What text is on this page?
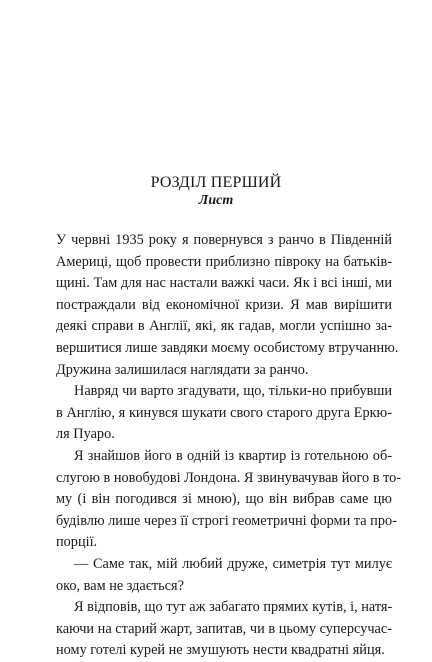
РОЗДІЛ ПЕРШИЙ
Лист
У червні 1935 року я повернувся з ранчо в Південній
Америці, щоб провести приблизно півроку на батьків-
щині. Там для нас настали важкі часи. Як і всі інші, ми
постраждали від економічної кризи. Я мав вирішити
деякі справи в Англії, які, як гадав, могли успішно за-
вершитися лише завдяки моєму особистому втручанню.
Дружина залишилася наглядати за ранчо.
Навряд чи варто згадувати, що, тільки-но прибувши
в Англію, я кинувся шукати свого старого друга Еркю-
ля Пуаро.
Я знайшов його в одній із квартир із готельною об-
слугою в новобудові Лондона. Я звинувачував його в то-
му (і він погодився зі мною), що він вибрав саме цю
будівлю лише через її строгі геометричні форми та про-
порції.
— Саме так, мій любий друже, симетрія тут милує
око, вам не здається?
Я відповів, що тут аж забагато прямих кутів, і, натя-
каючи на старий жарт, запитав, чи в цьому суперсучас-
ному готелі курей не змушують нести квадратні яйця.
